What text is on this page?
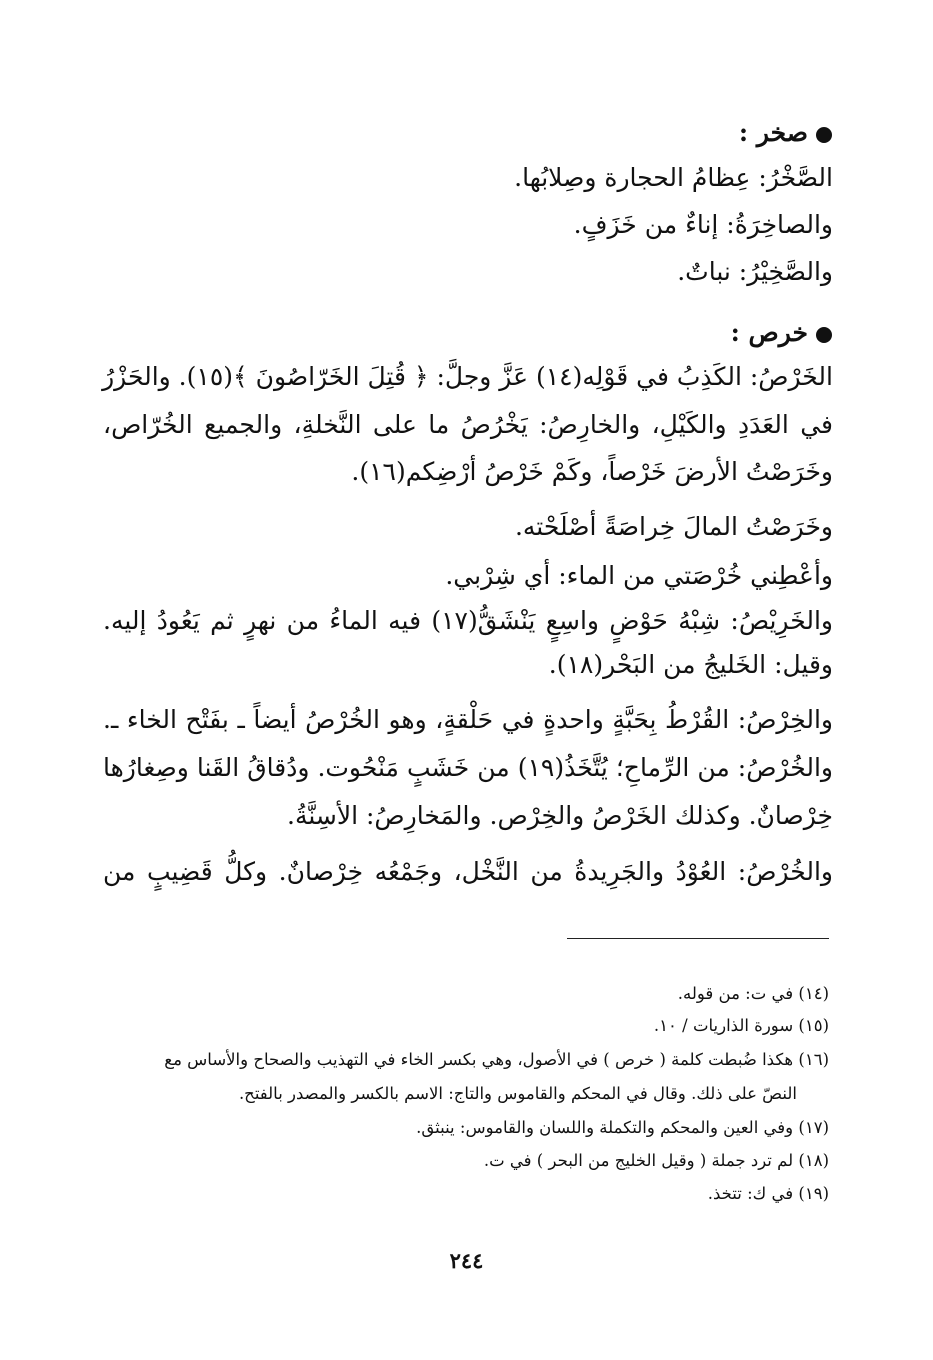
صخر :
الصَّخْرُ: عِظامُ الحجارة وصِلابُها.
والصاخِرَةُ: إناءٌ من خَزَفٍ.
والصَّخِيْرُ: نباتٌ.
خرص :
الخَرْصُ: الكَذِبُ في قَوْلِه(١٤) عَزَّ وجلَّ: ﴿ قُتِلَ الخَرّاصُونَ ﴾(١٥). والحَزْرُ
في العَدَدِ والكَيْلِ، والخارِصُ: يَخْرُصُ ما على النَّخلةِ، والجميع الخُرّاص،
وخَرَصْتُ الأرضَ خَرْصاً، وكَمْ خَرْصُ أرْضِكم(١٦).
وخَرَصْتُ المالَ خِراصَةً أصْلَحْته.
وأعْطِني خُرْصَتي من الماء: أي شِرْبي.
والخَرِيْصُ: شِبْهُ حَوْضٍ واسِعٍ يَنْشَقُّ(١٧) فيه الماءُ من نهرٍ ثم يَعُودُ إليه.
وقيل: الخَليجُ من البَحْر(١٨).
والخِرْصُ: القُرْطُ بِحَبَّةٍ واحدةٍ في حَلْقةٍ، وهو الخُرْصُ أيضاً ـ بفَتْح الخاء ـ.
والخُرْصُ: من الرِّماحِ؛ يُتَّخَذُ(١٩) من خَشَبٍ مَنْحُوت. ودُقاقُ القَنا وصِغارُها
خِرْصانٌ. وكذلك الخَرْصُ والخِرْص. والمَخارِصُ: الأسِنَّةُ.
والخُرْصُ: العُوْدُ والجَرِيدةُ من النَّخْل، وجَمْعُه خِرْصانٌ. وكلُّ قَضِيبٍ من
(١٤) في ت: من قوله.
(١٥) سورة الذاريات / ١٠.
(١٦) هكذا ضُبطت كلمة ( خرص ) في الأصول، وهي بكسر الخاء في التهذيب والصحاح والأساس مع
النصّ على ذلك. وقال في المحكم والقاموس والتاج: الاسم بالكسر والمصدر بالفتح.
(١٧) وفي العين والمحكم والتكملة واللسان والقاموس: ينبثق.
(١٨) لم ترد جملة ( وقيل الخليج من البحر ) في ت.
(١٩) في ك: تتخذ.
٢٤٤
